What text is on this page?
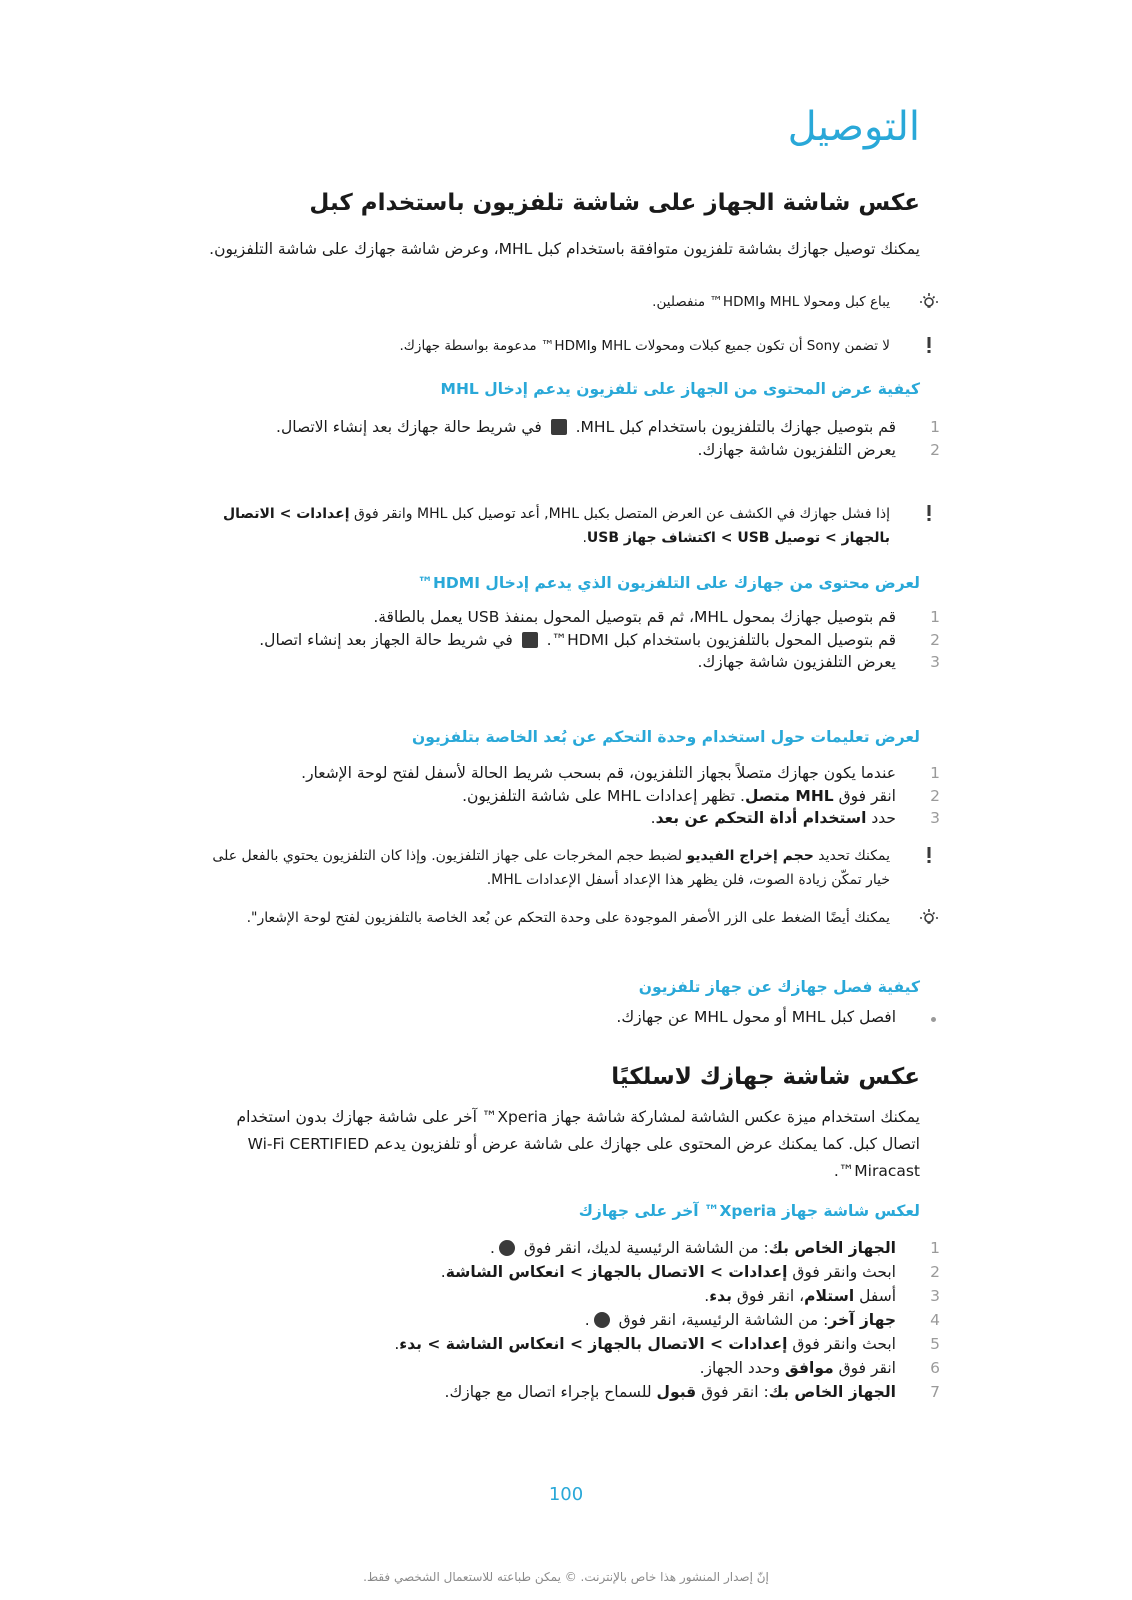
التوصيل
عكس شاشة الجهاز على شاشة تلفزيون باستخدام كبل

يمكنك توصيل جهازك بشاشة تلفزيون متوافقة باستخدام كبل MHL، وعرض شاشة جهازك على شاشة التلفزيون.

يباع كبل ومحولا MHL وHDMI™ منفصلين.
لا تضمن Sony أن تكون جميع كبلات ومحولات MHL وHDMI™ مدعومة بواسطة جهازك.
كيفية عرض المحتوى من الجهاز على تلفزيون يدعم إدخال MHL
1
قم بتوصيل جهازك بالتلفزيون باستخدام كبل MHL.  في شريط حالة جهازك بعد إنشاء الاتصال.
2
يعرض التلفزيون شاشة جهازك.
إذا فشل جهازك في الكشف عن العرض المتصل بكبل MHL, أعد توصيل كبل MHL وانقر فوق إعدادات > الاتصال بالجهاز > توصيل USB > اكتشاف جهاز USB.
لعرض محتوى من جهازك على التلفزيون الذي يدعم إدخال HDMI™
1
قم بتوصيل جهازك بمحول MHL، ثم قم بتوصيل المحول بمنفذ USB يعمل بالطاقة.
2
قم بتوصيل المحول بالتلفزيون باستخدام كبل HDMI™.  في شريط حالة الجهاز بعد إنشاء اتصال.
3
يعرض التلفزيون شاشة جهازك.
لعرض تعليمات حول استخدام وحدة التحكم عن بُعد الخاصة بتلفزيون
1
عندما يكون جهازك متصلاً بجهاز التلفزيون، قم بسحب شريط الحالة لأسفل لفتح لوحة الإشعار.
2
انقر فوق MHL متصل. تظهر إعدادات MHL على شاشة التلفزيون.
3
حدد استخدام أداة التحكم عن بعد.
يمكنك تحديد حجم إخراج الفيديو لضبط حجم المخرجات على جهاز التلفزيون. وإذا كان التلفزيون يحتوي بالفعل على خيار تمكّن زيادة الصوت، فلن يظهر هذا الإعداد أسفل الإعدادات MHL.
يمكنك أيضًا الضغط على الزر الأصفر الموجودة على وحدة التحكم عن بُعد الخاصة بالتلفزيون لفتح لوحة الإشعار".
كيفية فصل جهازك عن جهاز تلفزيون
افصل كبل MHL أو محول MHL عن جهازك.
عكس شاشة جهازك لاسلكيًا

يمكنك استخدام ميزة عكس الشاشة لمشاركة شاشة جهاز Xperia™ آخر على شاشة جهازك بدون استخدام اتصال كبل. كما يمكنك عرض المحتوى على جهازك على شاشة عرض أو تلفزيون يدعم Wi-Fi CERTIFIED Miracast™.

لعكس شاشة جهاز Xperia™ آخر على جهازك
1
الجهاز الخاص بك: من الشاشة الرئيسية لديك، انقر فوق .
2
ابحث وانقر فوق إعدادات > الاتصال بالجهاز > انعكاس الشاشة.
3
أسفل استلام، انقر فوق بدء.
4
جهاز آخر: من الشاشة الرئيسية، انقر فوق .
5
ابحث وانقر فوق إعدادات > الاتصال بالجهاز > انعكاس الشاشة > بدء.
6
انقر فوق موافق وحدد الجهاز.
7
الجهاز الخاص بك: انقر فوق قبول للسماح بإجراء اتصال مع جهازك.
100
إنّ إصدار المنشور هذا خاص بالإنترنت. © يمكن طباعته للاستعمال الشخصي فقط.
